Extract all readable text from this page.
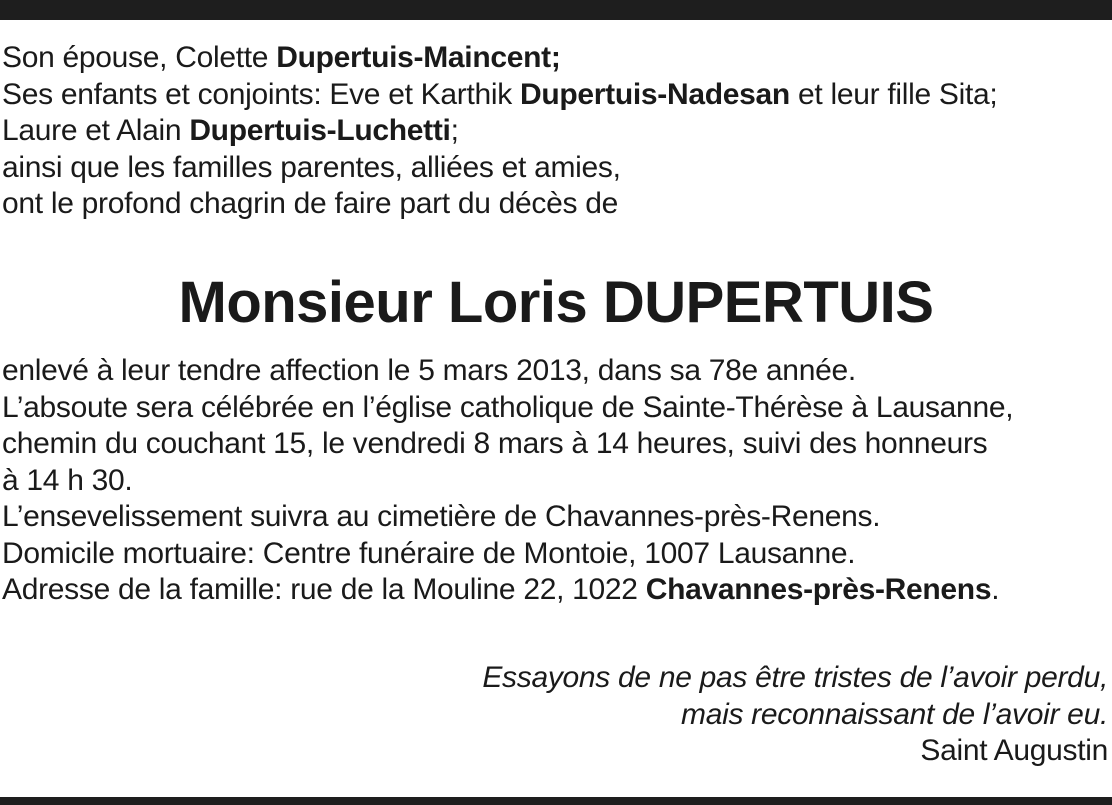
Son épouse, Colette Dupertuis-Maincent;
Ses enfants et conjoints: Eve et Karthik Dupertuis-Nadesan et leur fille Sita;
Laure et Alain Dupertuis-Luchetti;
ainsi que les familles parentes, alliées et amies,
ont le profond chagrin de faire part du décès de
Monsieur Loris DUPERTUIS
enlevé à leur tendre affection le 5 mars 2013, dans sa 78e année.
L’absoute sera célébrée en l’église catholique de Sainte-Thérèse à Lausanne,
chemin du couchant 15, le vendredi 8 mars à 14 heures, suivi des honneurs
à 14 h 30.
L’ensevelissement suivra au cimetière de Chavannes-près-Renens.
Domicile mortuaire: Centre funéraire de Montoie, 1007 Lausanne.
Adresse de la famille: rue de la Mouline 22, 1022 Chavannes-près-Renens.
Essayons de ne pas être tristes de l’avoir perdu,
mais reconnaissant de l’avoir eu.
Saint Augustin
